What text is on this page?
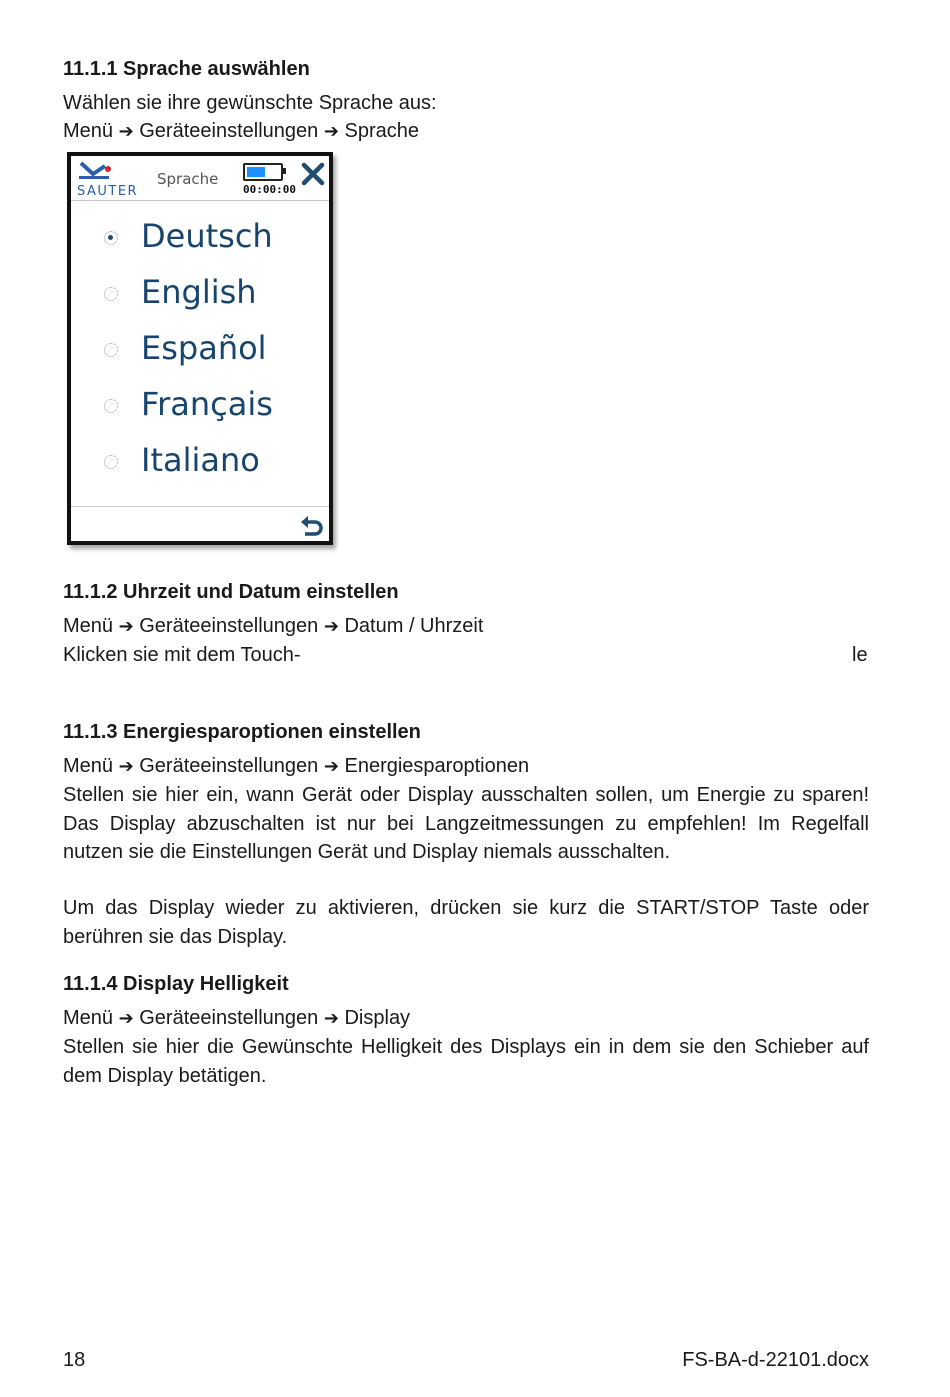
11.1.1 Sprache auswählen
Wählen sie ihre gewünschte Sprache aus:
Menü ➔ Geräteeinstellungen ➔ Sprache
SAUTER
Sprache
00:00:00
Deutsch
English
Español
Français
Italiano
11.1.2 Uhrzeit und Datum einstellen
Menü ➔ Geräteeinstellungen ➔ Datum / Uhrzeit
Klicken sie mit dem Touch-	le
11.1.3 Energiesparoptionen einstellen
Menü ➔ Geräteeinstellungen ➔ Energiesparoptionen
Stellen sie hier ein, wann Gerät oder Display ausschalten sollen, um Energie zu sparen! Das Display abzuschalten ist nur bei Langzeitmessungen zu empfehlen! Im Regelfall nutzen sie die Einstellungen Gerät und Display niemals ausschalten.
Um das Display wieder zu aktivieren, drücken sie kurz die START/STOP Taste oder berühren sie das Display.
11.1.4 Display Helligkeit
Menü ➔ Geräteeinstellungen ➔ Display
Stellen sie hier die Gewünschte Helligkeit des Displays ein in dem sie den Schieber auf dem Display betätigen.
18	FS-BA-d-22101.docx
